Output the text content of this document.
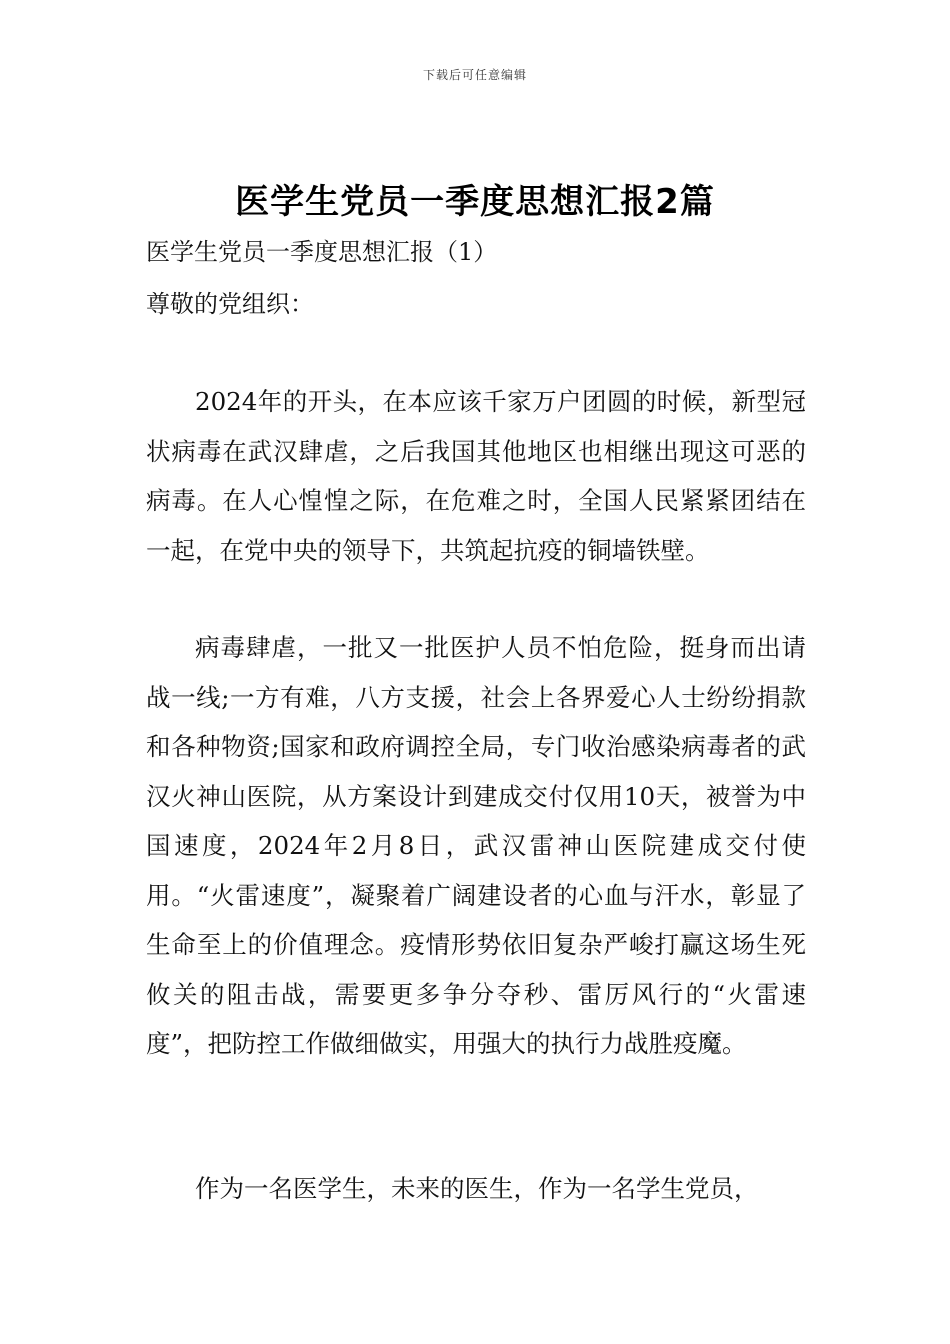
下载后可任意编辑
医学生党员一季度思想汇报2篇
医学生党员一季度思想汇报（1）
尊敬的党组织：

2024年的开头，在本应该千家万户团圆的时候，新型冠状病毒在武汉肆虐，之后我国其他地区也相继出现这可恶的病毒。在人心惶惶之际，在危难之时，全国人民紧紧团结在一起，在党中央的领导下，共筑起抗疫的铜墙铁壁。

病毒肆虐，一批又一批医护人员不怕危险，挺身而出请战一线;一方有难，八方支援，社会上各界爱心人士纷纷捐款和各种物资;国家和政府调控全局，专门收治感染病毒者的武汉火神山医院，从方案设计到建成交付仅用10天，被誉为中国速度，2024年2月8日，武汉雷神山医院建成交付使用。“火雷速度”，凝聚着广阔建设者的心血与汗水，彰显了生命至上的价值理念。疫情形势依旧复杂严峻打赢这场生死攸关的阻击战，需要更多争分夺秒、雷厉风行的“火雷速度”，把防控工作做细做实，用强大的执行力战胜疫魔。

作为一名医学生，未来的医生，作为一名学生党员，
